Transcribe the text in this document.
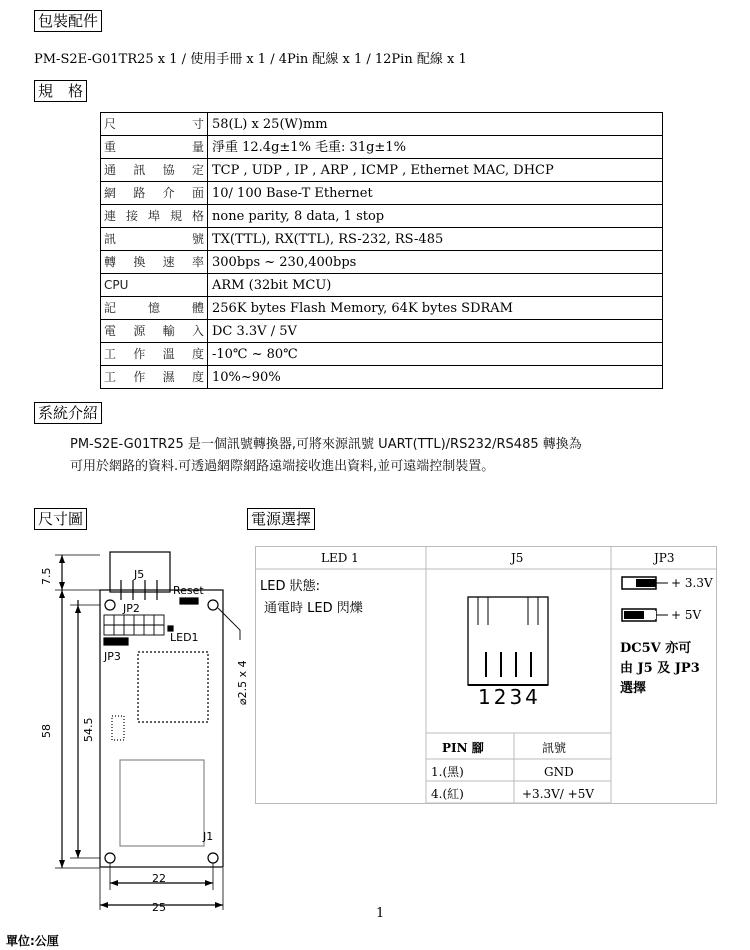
包裝配件
PM-S2E-G01TR25 x 1 / 使用手冊 x 1 / 4Pin 配線 x 1 / 12Pin 配線 x 1
規　格
尺寸	58(L) x 25(W)mm
重量	淨重 12.4g±1% 毛重: 31g±1%
通訊協定	TCP , UDP , IP , ARP , ICMP , Ethernet MAC, DHCP
網路介面	10/ 100 Base-T Ethernet
連接埠規格	none parity, 8 data, 1 stop
訊號	TX(TTL), RX(TTL), RS-232, RS-485
轉換速率	300bps ~ 230,400bps
CPU	ARM (32bit MCU)
記憶體	256K bytes Flash Memory, 64K bytes SDRAM
電源輸入	DC 3.3V / 5V
工作溫度	-10℃ ~ 80℃
工作濕度	10%~90%
系統介紹
PM-S2E-G01TR25 是一個訊號轉換器,可將來源訊號 UART(TTL)/RS232/RS485 轉換為
可用於網路的資料.可透過網際網路遠端接收進出資料,並可遠端控制裝置。
尺寸圖	電源選擇
J5
Reset
JP2
LED1
JP3
J1
22
25
7.5
58	54.5
⌀2.5 x 4
LED 1	J5	JP3
LED 狀態:
通電時 LED 閃爍
1234
+ 3.3V
+ 5V
DC5V 亦可
由 J5 及 JP3
選擇
PIN 腳	訊號
1.(黑)	GND
4.(紅)	+3.3V/ +5V
1
單位:公厘
